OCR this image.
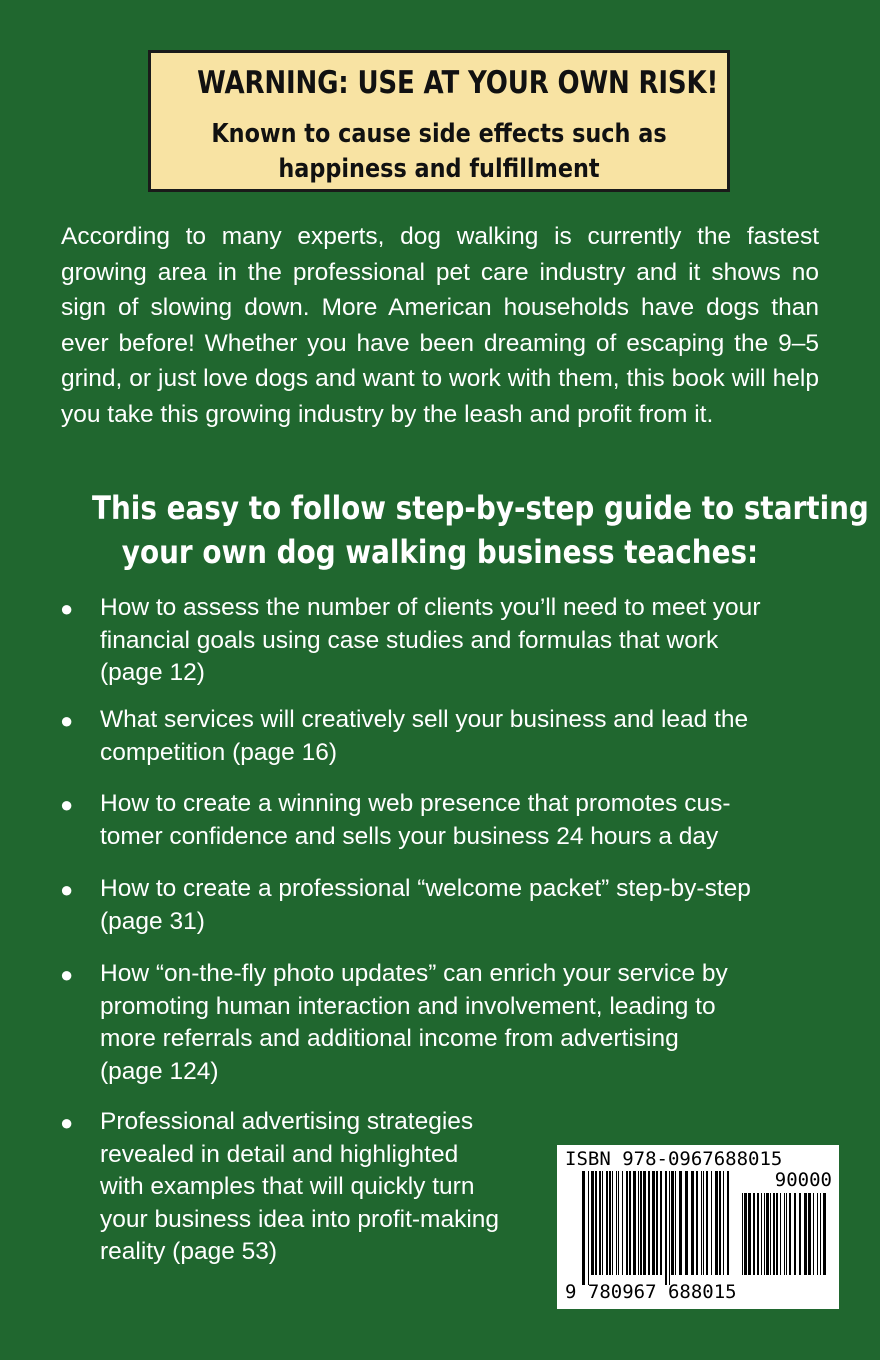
WARNING: USE AT YOUR OWN RISK!
Known to cause side effects such as
happiness and fulfillment

According to many experts, dog walking is currently the fastest growing area in the professional pet care industry and it shows no sign of slowing down. More American households have dogs than ever before! Whether you have been dreaming of escaping the 9–5 grind, or just love dogs and want to work with them, this book will help you take this growing industry by the leash and profit from it.

This easy to follow step-by-step guide to starting
your own dog walking business teaches:
● How to assess the number of clients you’ll need to meet your
financial goals using case studies and formulas that work
(page 12)

● What services will creatively sell your business and lead the
competition (page 16)

● How to create a winning web presence that promotes cus-
tomer confidence and sells your business 24 hours a day

● How to create a professional “welcome packet” step-by-step
(page 31)

● How “on-the-fly photo updates” can enrich your service by
promoting human interaction and involvement, leading to
more referrals and additional income from advertising
(page 124)

● Professional advertising strategies
revealed in detail and highlighted
with examples that will quickly turn
your business idea into profit-making
reality (page 53)

ISBN 978-0967688015
90000
9 780967 688015
